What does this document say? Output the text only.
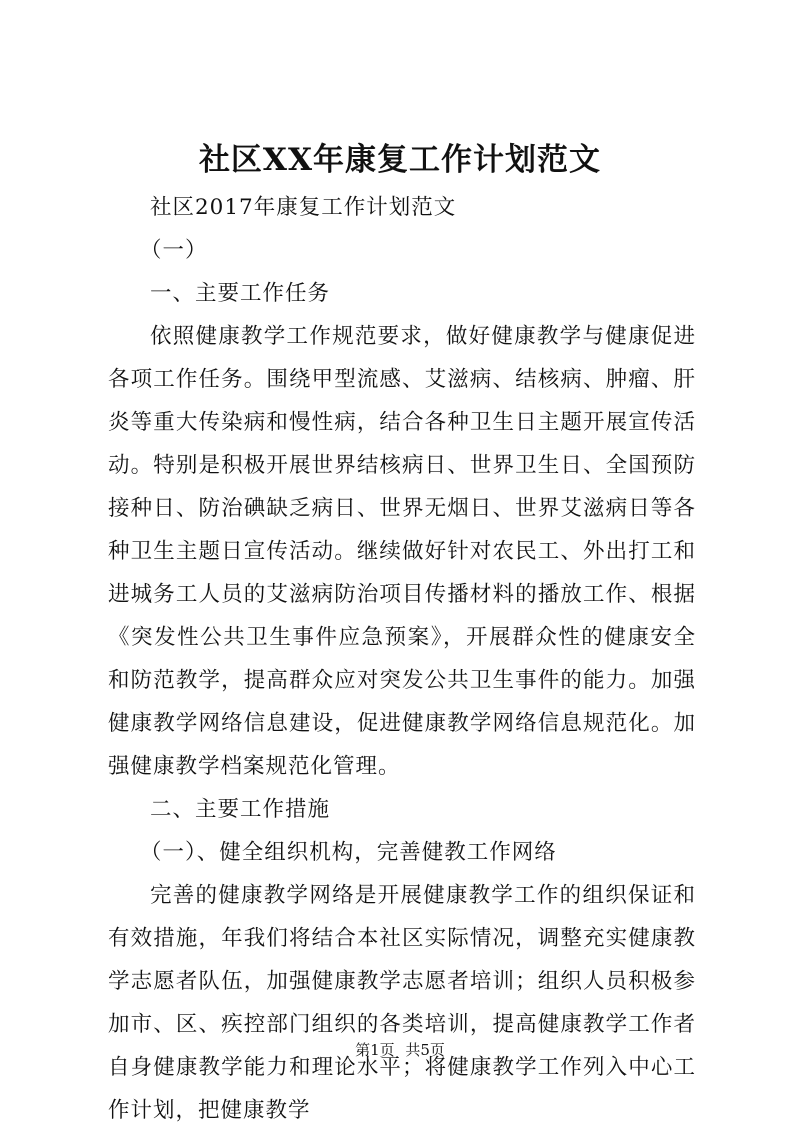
社区XX年康复工作计划范文

社区2017年康复工作计划范文

（一）

一、主要工作任务

依照健康教学工作规范要求，做好健康教学与健康促进各项工作任务。围绕甲型流感、艾滋病、结核病、肿瘤、肝炎等重大传染病和慢性病，结合各种卫生日主题开展宣传活动。特别是积极开展世界结核病日、世界卫生日、全国预防接种日、防治碘缺乏病日、世界无烟日、世界艾滋病日等各种卫生主题日宣传活动。继续做好针对农民工、外出打工和进城务工人员的艾滋病防治项目传播材料的播放工作、根据《突发性公共卫生事件应急预案》，开展群众性的健康安全和防范教学，提高群众应对突发公共卫生事件的能力。加强健康教学网络信息建设，促进健康教学网络信息规范化。加强健康教学档案规范化管理。

二、主要工作措施

（一）、健全组织机构，完善健教工作网络

完善的健康教学网络是开展健康教学工作的组织保证和有效措施，年我们将结合本社区实际情况，调整充实健康教学志愿者队伍，加强健康教学志愿者培训；组织人员积极参加市、区、疾控部门组织的各类培训，提高健康教学工作者自身健康教学能力和理论水平；将健康教学工作列入中心工作计划，把健康教学

第1页 共5页
